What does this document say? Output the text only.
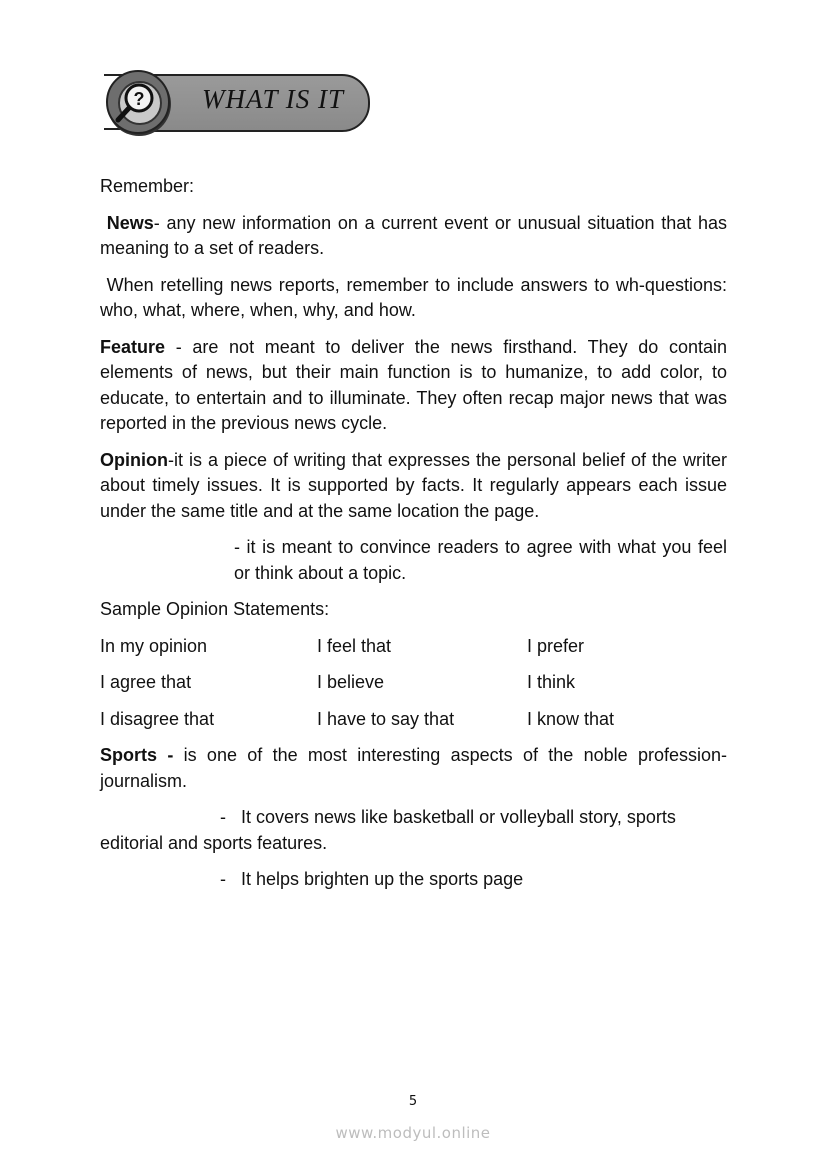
? WHAT IS IT

Remember:

News- any new information on a current event or unusual situation that has meaning to a set of readers.

When retelling news reports, remember to include answers to wh-questions: who, what, where, when, why, and how.

Feature - are not meant to deliver the news firsthand. They do contain elements of news, but their main function is to humanize, to add color, to educate, to entertain and to illuminate. They often recap major news that was reported in the previous news cycle.

Opinion-it is a piece of writing that expresses the personal belief of the writer about timely issues. It is supported by facts. It regularly appears each issue under the same title and at the same location the page.

- it is meant to convince readers to agree with what you feel or think about a topic.

Sample Opinion Statements:

In my opinion	I feel that	I prefer
I agree that	I believe	I think
I disagree that	I have to say that	I know that

Sports - is one of the most interesting aspects of the noble profession-journalism.

-   It covers news like basketball or volleyball story, sports
editorial and sports features.
-   It helps brighten up the sports page
5
www.modyul.online
